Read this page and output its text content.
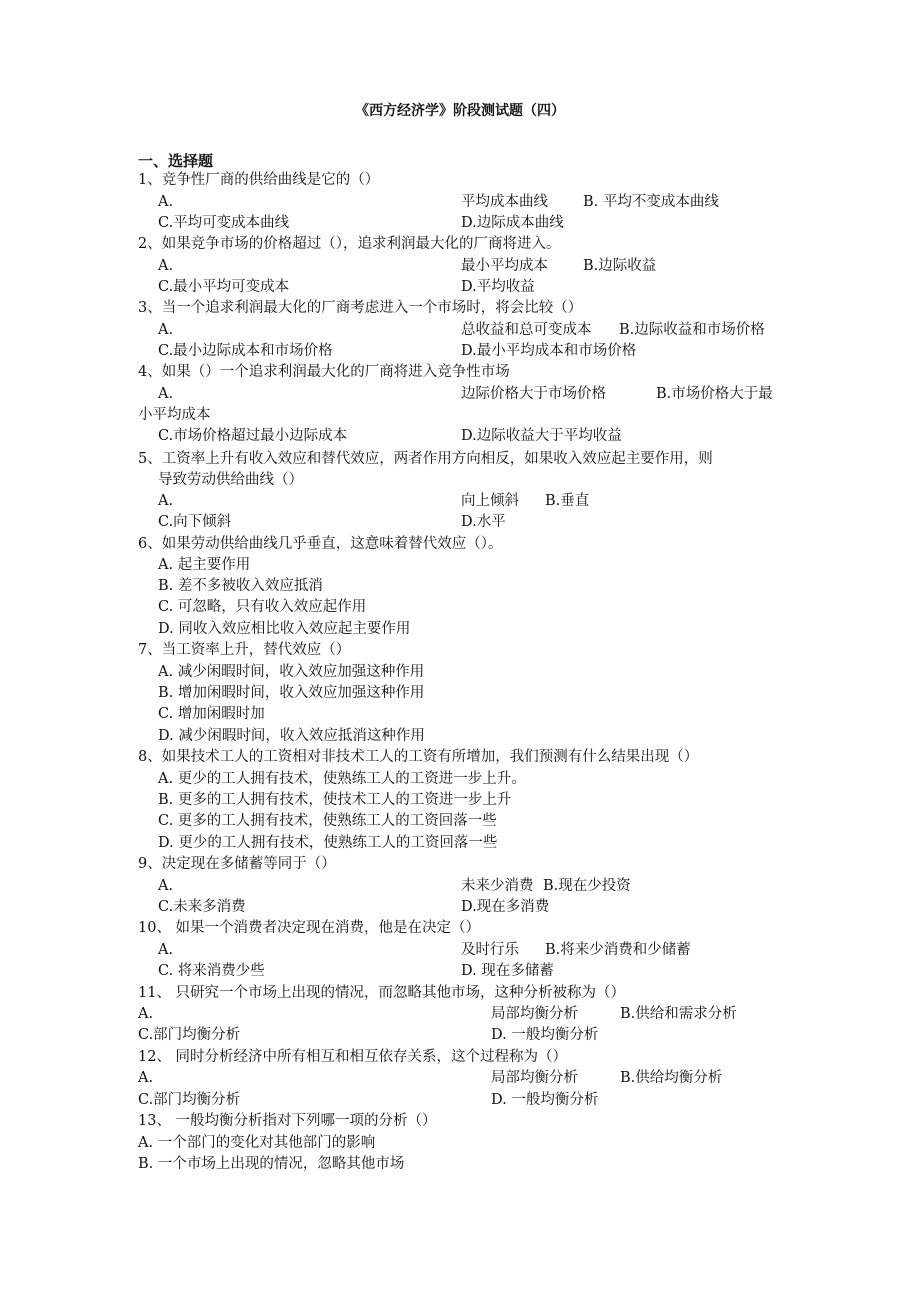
《西方经济学》阶段测试题（四）
一、选择题
1、竞争性厂商的供给曲线是它的（）
A.	平均成本曲线 B. 平均不变成本曲线
C.平均可变成本曲线	D.边际成本曲线
2、如果竞争市场的价格超过（），追求利润最大化的厂商将进入。
A.	最小平均成本 B.边际收益
C.最小平均可变成本	D.平均收益
3、当一个追求利润最大化的厂商考虑进入一个市场时，将会比较（）
A.	总收益和总可变成本 B.边际收益和市场价格
C.最小边际成本和市场价格	D.最小平均成本和市场价格
4、如果（）一个追求利润最大化的厂商将进入竞争性市场
A.	边际价格大于市场价格	B.市场价格大于最
小平均成本
C.市场价格超过最小边际成本	D.边际收益大于平均收益
5、工资率上升有收入效应和替代效应，两者作用方向相反，如果收入效应起主要作用，则
导致劳动供给曲线（）
A.	向上倾斜 B.垂直
C.向下倾斜	D.水平
6、如果劳动供给曲线几乎垂直，这意味着替代效应（）。
A. 起主要作用
B. 差不多被收入效应抵消
C. 可忽略，只有收入效应起作用
D. 同收入效应相比收入效应起主要作用
7、当工资率上升，替代效应（）
A. 减少闲暇时间，收入效应加强这种作用
B. 增加闲暇时间，收入效应加强这种作用
C. 增加闲暇时加
D. 减少闲暇时间，收入效应抵消这种作用
8、如果技术工人的工资相对非技术工人的工资有所增加，我们预测有什么结果出现（）
A. 更少的工人拥有技术，使熟练工人的工资进一步上升。
B. 更多的工人拥有技术，使技术工人的工资进一步上升
C. 更多的工人拥有技术，使熟练工人的工资回落一些
D. 更少的工人拥有技术，使熟练工人的工资回落一些
9、决定现在多储蓄等同于（）
A.	未来少消费 B.现在少投资
C.未来多消费	D.现在多消费
10、 如果一个消费者决定现在消费，他是在决定（）
A.	及时行乐 B.将来少消费和少储蓄
C. 将来消费少些	D. 现在多储蓄
11、 只研究一个市场上出现的情况，而忽略其他市场，这种分析被称为（）
A.	局部均衡分析	B.供给和需求分析
C.部门均衡分析	D. 一般均衡分析
12、 同时分析经济中所有相互和相互依存关系，这个过程称为（）
A.	局部均衡分析	B.供给均衡分析
C.部门均衡分析	D. 一般均衡分析
13、 一般均衡分析指对下列哪一项的分析（）
A. 一个部门的变化对其他部门的影响
B. 一个市场上出现的情况，忽略其他市场
